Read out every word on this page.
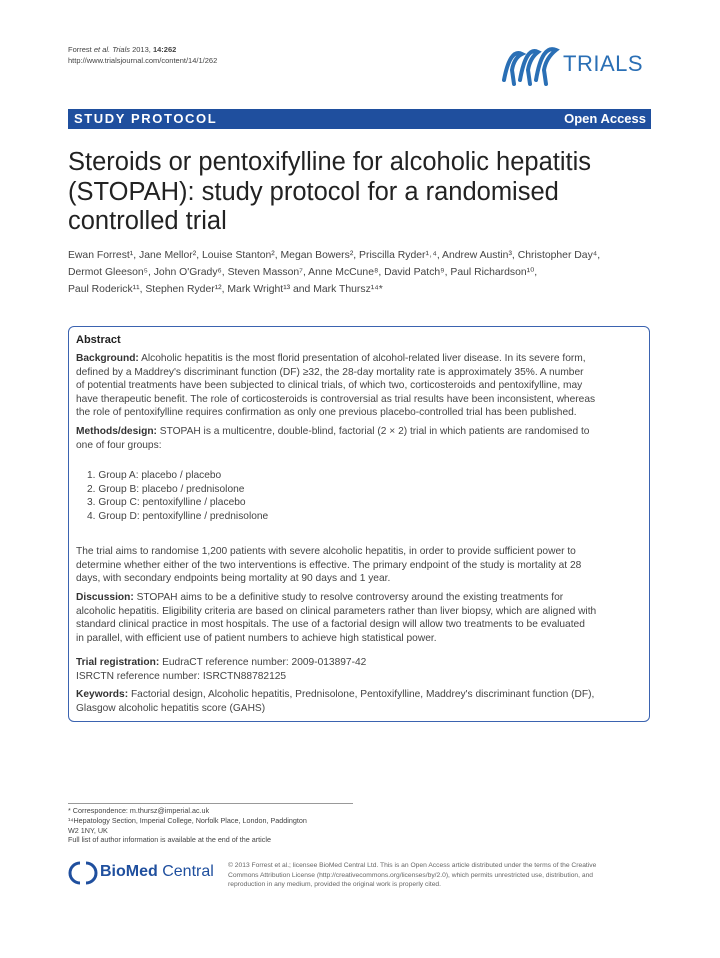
Forrest et al. Trials 2013, 14:262
http://www.trialsjournal.com/content/14/1/262	TRIALS
STUDY PROTOCOL	Open Access
Steroids or pentoxifylline for alcoholic hepatitis
(STOPAH): study protocol for a randomised
controlled trial
Ewan Forrest¹, Jane Mellor², Louise Stanton², Megan Bowers², Priscilla Ryder¹˒⁴, Andrew Austin³, Christopher Day⁴,
Dermot Gleeson⁵, John O'Grady⁶, Steven Masson⁷, Anne McCune⁸, David Patch⁹, Paul Richardson¹⁰,
Paul Roderick¹¹, Stephen Ryder¹², Mark Wright¹³ and Mark Thursz¹⁴*
Abstract
Background: Alcoholic hepatitis is the most florid presentation of alcohol-related liver disease. In its severe form,
defined by a Maddrey's discriminant function (DF) ≥32, the 28-day mortality rate is approximately 35%. A number
of potential treatments have been subjected to clinical trials, of which two, corticosteroids and pentoxifylline, may
have therapeutic benefit. The role of corticosteroids is controversial as trial results have been inconsistent, whereas
the role of pentoxifylline requires confirmation as only one previous placebo-controlled trial has been published.
Methods/design: STOPAH is a multicentre, double-blind, factorial (2 × 2) trial in which patients are randomised to
one of four groups:
1. Group A: placebo / placebo
2. Group B: placebo / prednisolone
3. Group C: pentoxifylline / placebo
4. Group D: pentoxifylline / prednisolone
The trial aims to randomise 1,200 patients with severe alcoholic hepatitis, in order to provide sufficient power to
determine whether either of the two interventions is effective. The primary endpoint of the study is mortality at 28
days, with secondary endpoints being mortality at 90 days and 1 year.
Discussion: STOPAH aims to be a definitive study to resolve controversy around the existing treatments for
alcoholic hepatitis. Eligibility criteria are based on clinical parameters rather than liver biopsy, which are aligned with
standard clinical practice in most hospitals. The use of a factorial design will allow two treatments to be evaluated
in parallel, with efficient use of patient numbers to achieve high statistical power.
Trial registration: EudraCT reference number: 2009-013897-42
ISRCTN reference number: ISRCTN88782125
Keywords: Factorial design, Alcoholic hepatitis, Prednisolone, Pentoxifylline, Maddrey's discriminant function (DF),
Glasgow alcoholic hepatitis score (GAHS)
* Correspondence: m.thursz@imperial.ac.uk
¹⁴Hepatology Section, Imperial College, Norfolk Place, London, Paddington
W2 1NY, UK
Full list of author information is available at the end of the article
BioMed Central © 2013 Forrest et al.; licensee BioMed Central Ltd. This is an Open Access article distributed under the terms of the Creative
Commons Attribution License (http://creativecommons.org/licenses/by/2.0), which permits unrestricted use, distribution, and
reproduction in any medium, provided the original work is properly cited.
